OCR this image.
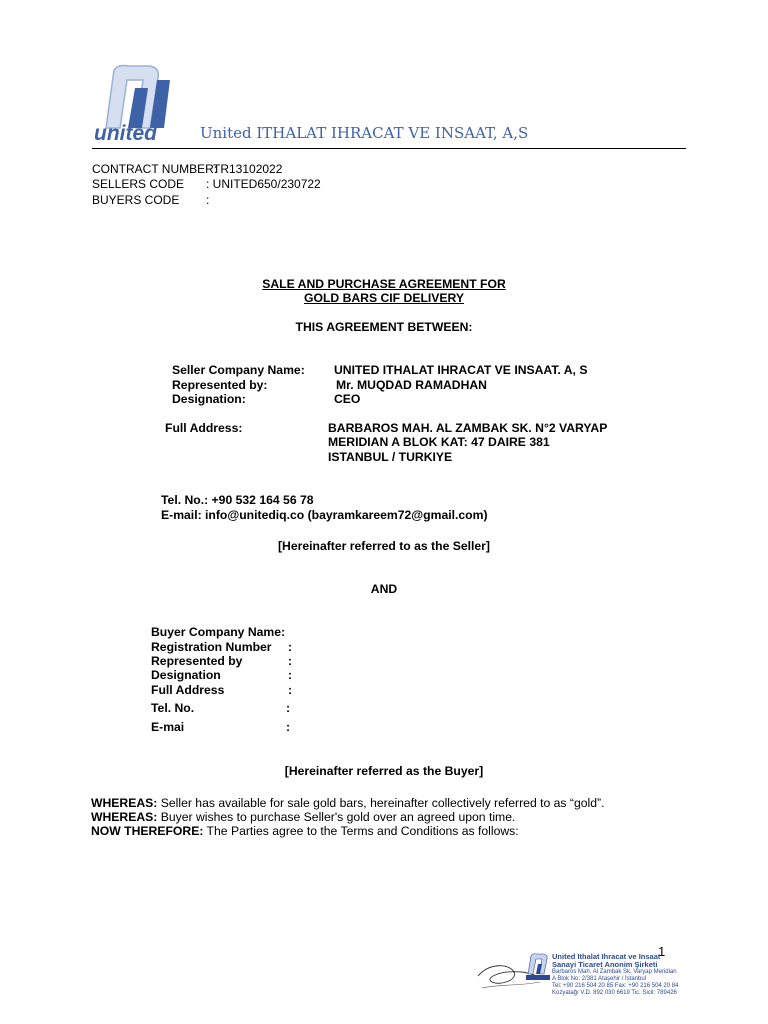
united	United ITHALAT IHRACAT VE INSAAT, A,S
CONTRACT NUMBER:
TR13102022
SELLERS CODE : UNITED650/230722
BUYERS CODE :
SALE AND PURCHASE AGREEMENT FOR
GOLD BARS CIF DELIVERY
THIS AGREEMENT BETWEEN:
Seller Company Name: UNITED ITHALAT IHRACAT VE INSAAT. A, S
Represented by:	Mr. MUQDAD RAMADHAN
Designation:	CEO
Full Address:	BARBAROS MAH. AL ZAMBAK SK. N°2 VARYAP
MERIDIAN A BLOK KAT: 47 DAIRE 381
ISTANBUL / TURKIYE
Tel. No.: +90 532 164 56 78
E-mail: info@unitediq.co (bayramkareem72@gmail.com)
[Hereinafter referred to as the Seller]
AND
Buyer Company Name:
Registration Number :
Represented by	:
Designation	:
Full Address	:
Tel. No.	:
E-mai	:
[Hereinafter referred as the Buyer]
WHEREAS: Seller has available for sale gold bars, hereinafter collectively referred to as “gold”.
WHEREAS: Buyer wishes to purchase Seller's gold over an agreed upon time.
NOW THEREFORE: The Parties agree to the Terms and Conditions as follows:
1
United Ithalat Ihracat ve Insaat
Sanayi Ticaret Anonim Şirketi
Barbaros Mah. Al Zambak Sk. Varyap Meridian
A Blok No: 2/381 Ataşehir / İstanbul
Tel: +90 216 504 20 85 Fax: +90 216 504 20 84
Kozyatağı V.D. 892 030 6619 Tic. Sicil: 789426
